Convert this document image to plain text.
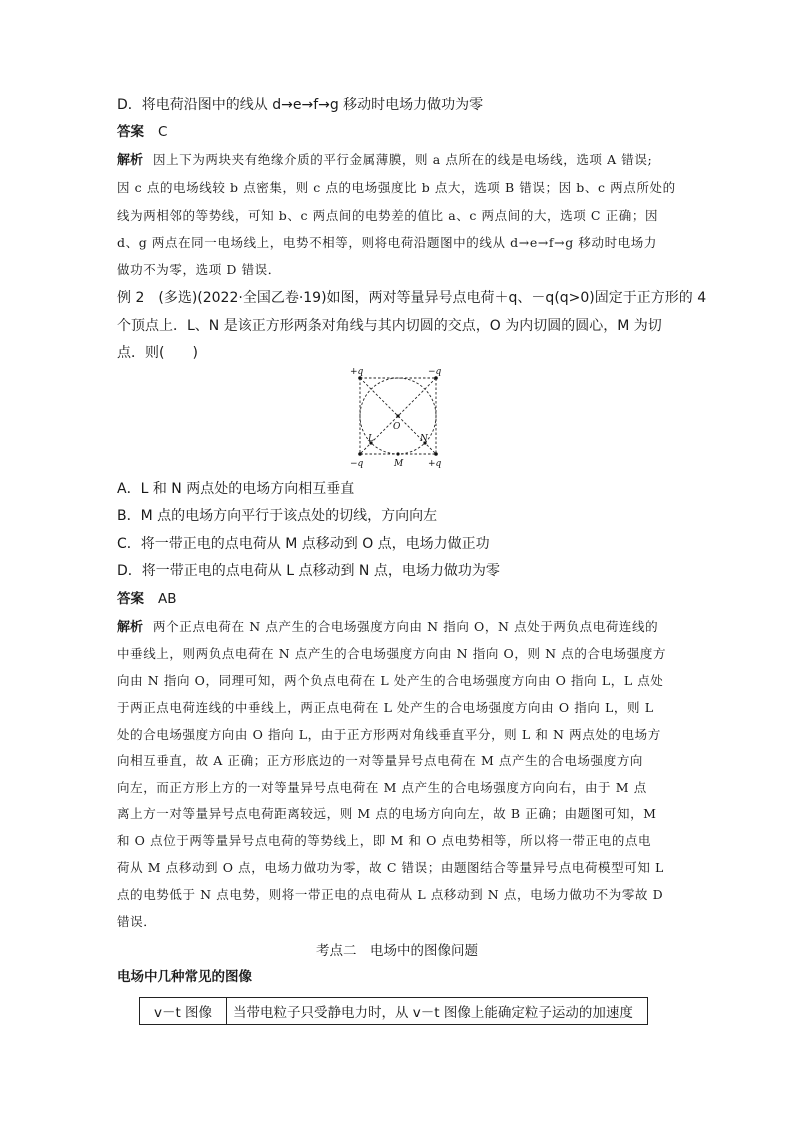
D．将电荷沿图中的线从 d→e→f→g 移动时电场力做功为零
答案 C
解析 因上下为两块夹有绝缘介质的平行金属薄膜，则 a 点所在的线是电场线，选项 A 错误;
因 c 点的电场线较 b 点密集，则 c 点的电场强度比 b 点大，选项 B 错误；因 b、c 两点所处的
线为两相邻的等势线，可知 b、c 两点间的电势差的值比 a、c 两点间的大，选项 C 正确；因
d、g 两点在同一电场线上，电势不相等，则将电荷沿题图中的线从 d→e→f→g 移动时电场力
做功不为零，选项 D 错误．
例 2　(多选)(2022·全国乙卷·19)如图，两对等量异号点电荷＋q、－q(q>0)固定于正方形的 4
个顶点上．L、N 是该正方形两条对角线与其内切圆的交点，O 为内切圆的圆心，M 为切
点．则(　　)
+q	−q
−q	+q
O
L	N
M
A．L 和 N 两点处的电场方向相互垂直
B．M 点的电场方向平行于该点处的切线，方向向左
C．将一带正电的点电荷从 M 点移动到 O 点，电场力做正功
D．将一带正电的点电荷从 L 点移动到 N 点，电场力做功为零
答案 AB
解析 两个正点电荷在 N 点产生的合电场强度方向由 N 指向 O，N 点处于两负点电荷连线的
中垂线上，则两负点电荷在 N 点产生的合电场强度方向由 N 指向 O，则 N 点的合电场强度方
向由 N 指向 O，同理可知，两个负点电荷在 L 处产生的合电场强度方向由 O 指向 L，L 点处
于两正点电荷连线的中垂线上，两正点电荷在 L 处产生的合电场强度方向由 O 指向 L，则 L
处的合电场强度方向由 O 指向 L，由于正方形两对角线垂直平分，则 L 和 N 两点处的电场方
向相互垂直，故 A 正确；正方形底边的一对等量异号点电荷在 M 点产生的合电场强度方向
向左，而正方形上方的一对等量异号点电荷在 M 点产生的合电场强度方向向右，由于 M 点
离上方一对等量异号点电荷距离较远，则 M 点的电场方向向左，故 B 正确；由题图可知，M
和 O 点位于两等量异号点电荷的等势线上，即 M 和 O 点电势相等，所以将一带正电的点电
荷从 M 点移动到 O 点，电场力做功为零，故 C 错误；由题图结合等量异号点电荷模型可知 L
点的电势低于 N 点电势，则将一带正电的点电荷从 L 点移动到 N 点，电场力做功不为零故 D
错误．
考点二　电场中的图像问题
电场中几种常见的图像
v－t 图像	当带电粒子只受静电力时，从 v－t 图像上能确定粒子运动的加速度
